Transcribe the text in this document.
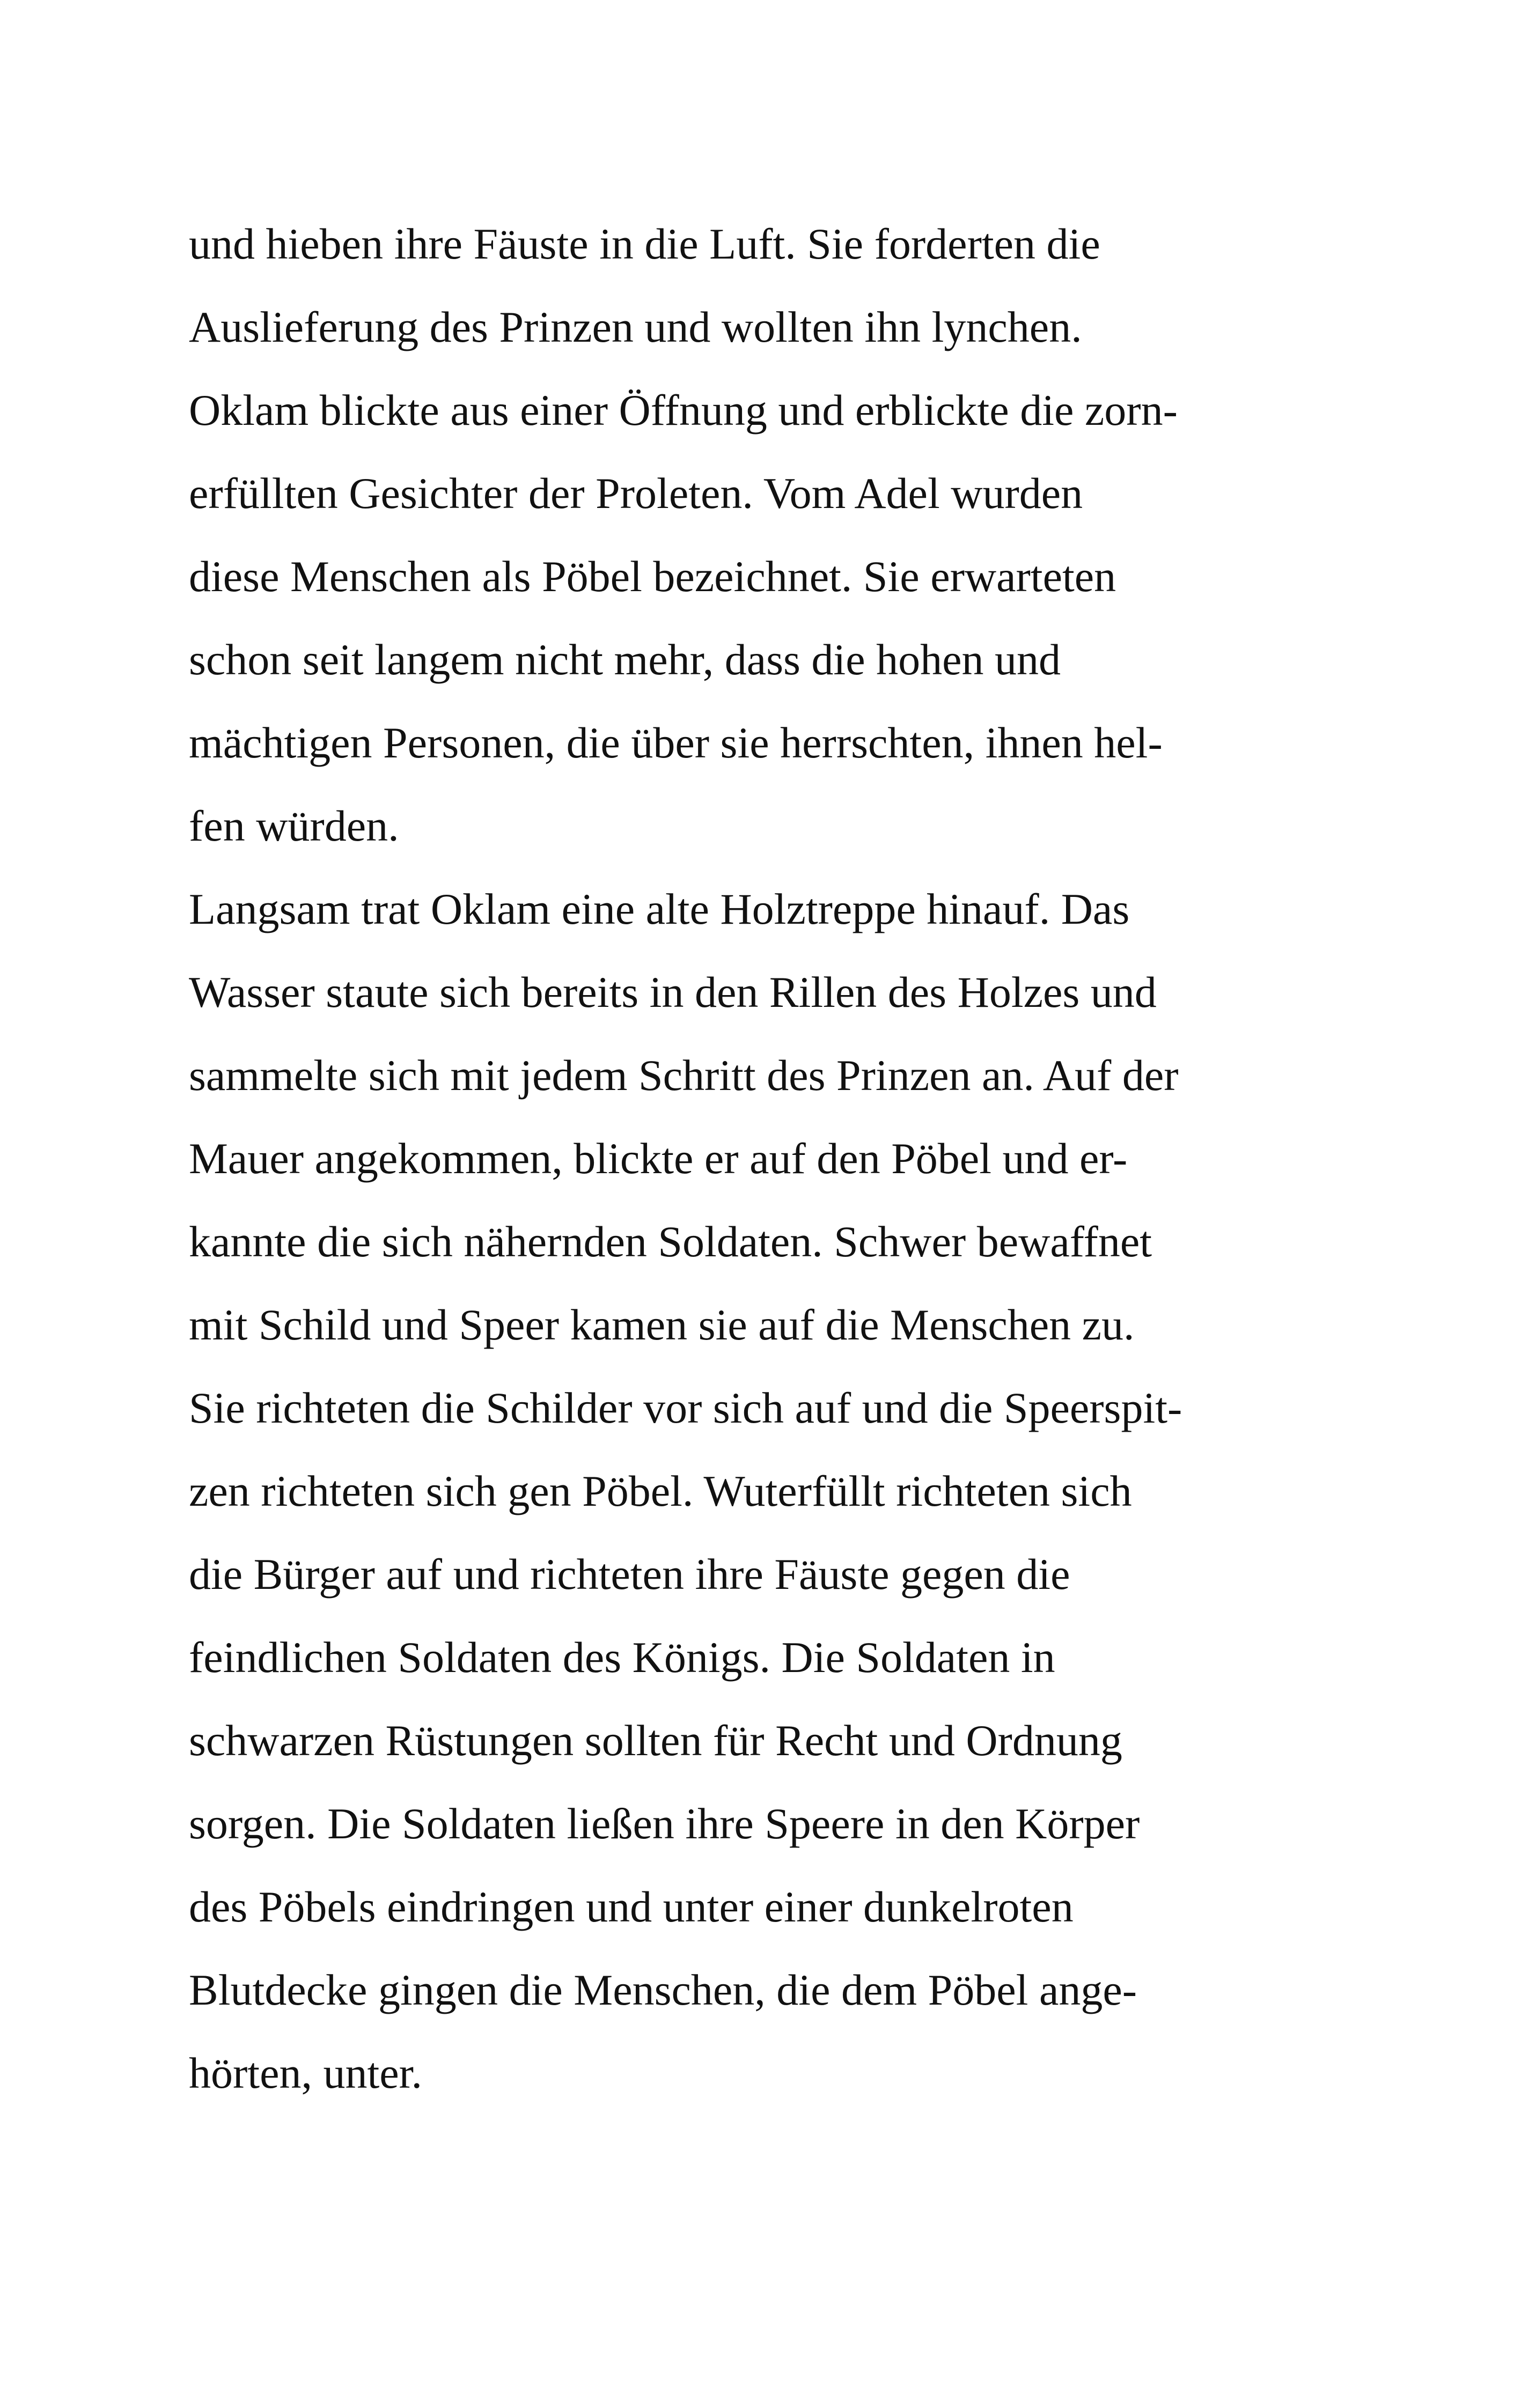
und hieben ihre Fäuste in die Luft. Sie forderten die
Auslieferung des Prinzen und wollten ihn lynchen.
Oklam blickte aus einer Öffnung und erblickte die zorn-
erfüllten Gesichter der Proleten. Vom Adel wurden
diese Menschen als Pöbel bezeichnet. Sie erwarteten
schon seit langem nicht mehr, dass die hohen und
mächtigen Personen, die über sie herrschten, ihnen hel-
fen würden.
Langsam trat Oklam eine alte Holztreppe hinauf. Das
Wasser staute sich bereits in den Rillen des Holzes und
sammelte sich mit jedem Schritt des Prinzen an. Auf der
Mauer angekommen, blickte er auf den Pöbel und er-
kannte die sich nähernden Soldaten. Schwer bewaffnet
mit Schild und Speer kamen sie auf die Menschen zu.
Sie richteten die Schilder vor sich auf und die Speerspit-
zen richteten sich gen Pöbel. Wuterfüllt richteten sich
die Bürger auf und richteten ihre Fäuste gegen die
feindlichen Soldaten des Königs. Die Soldaten in
schwarzen Rüstungen sollten für Recht und Ordnung
sorgen. Die Soldaten ließen ihre Speere in den Körper
des Pöbels eindringen und unter einer dunkelroten
Blutdecke gingen die Menschen, die dem Pöbel ange-
hörten, unter.
